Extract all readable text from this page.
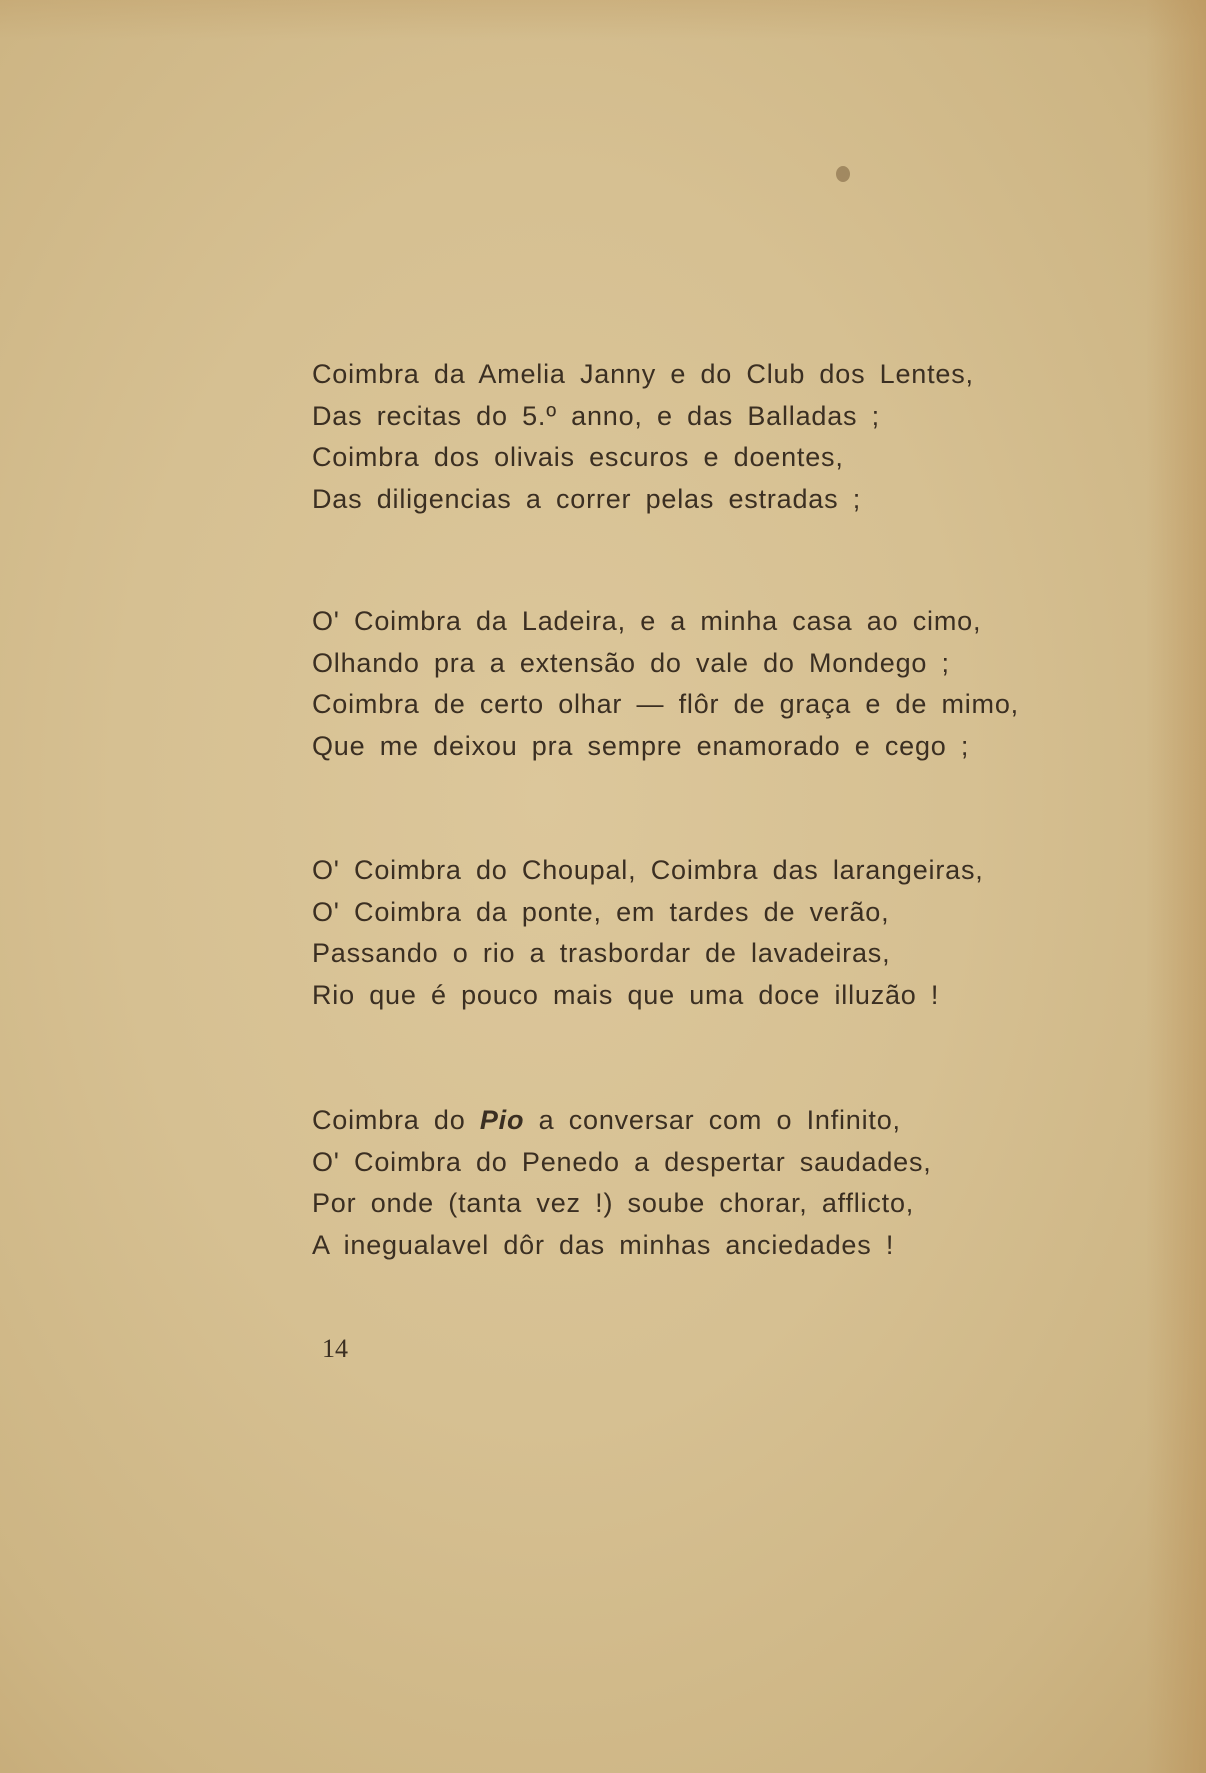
Coimbra da Amelia Janny e do Club dos Lentes,
Das recitas do 5.º anno, e das Balladas ;
Coimbra dos olivais escuros e doentes,
Das diligencias a correr pelas estradas ;
O' Coimbra da Ladeira, e a minha casa ao cimo,
Olhando pra a extensão do vale do Mondego ;
Coimbra de certo olhar — flôr de graça e de mimo,
Que me deixou pra sempre enamorado e cego ;
O' Coimbra do Choupal, Coimbra das larangeiras,
O' Coimbra da ponte, em tardes de verão,
Passando o rio a trasbordar de lavadeiras,
Rio que é pouco mais que uma doce illuzão !
Coimbra do Pio a conversar com o Infinito,
O' Coimbra do Penedo a despertar saudades,
Por onde (tanta vez !) soube chorar, afflicto,
A inegualavel dôr das minhas anciedades !
14
